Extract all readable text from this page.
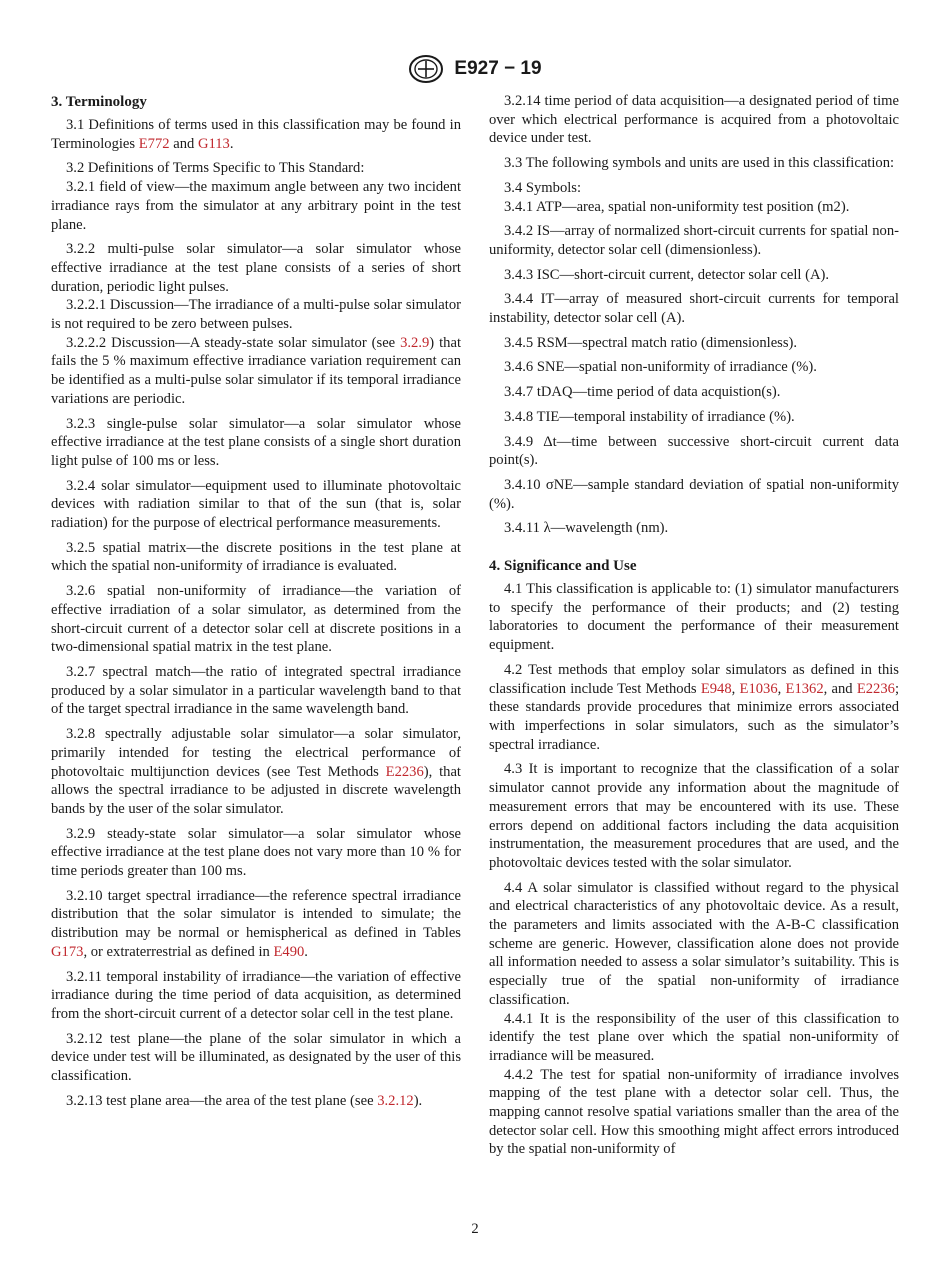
E927 − 19
3. Terminology

3.1 Definitions of terms used in this classification may be found in Terminologies E772 and G113.

3.2 Definitions of Terms Specific to This Standard:

3.2.1 field of view—the maximum angle between any two incident irradiance rays from the simulator at any arbitrary point in the test plane.

3.2.2 multi-pulse solar simulator—a solar simulator whose effective irradiance at the test plane consists of a series of short duration, periodic light pulses.

3.2.2.1 Discussion—The irradiance of a multi-pulse solar simulator is not required to be zero between pulses.

3.2.2.2 Discussion—A steady-state solar simulator (see 3.2.9) that fails the 5 % maximum effective irradiance variation requirement can be identified as a multi-pulse solar simulator if its temporal irradiance variations are periodic.

3.2.3 single-pulse solar simulator—a solar simulator whose effective irradiance at the test plane consists of a single short duration light pulse of 100 ms or less.

3.2.4 solar simulator—equipment used to illuminate photovoltaic devices with radiation similar to that of the sun (that is, solar radiation) for the purpose of electrical performance measurements.

3.2.5 spatial matrix—the discrete positions in the test plane at which the spatial non-uniformity of irradiance is evaluated.

3.2.6 spatial non-uniformity of irradiance—the variation of effective irradiation of a solar simulator, as determined from the short-circuit current of a detector solar cell at discrete positions in a two-dimensional spatial matrix in the test plane.

3.2.7 spectral match—the ratio of integrated spectral irradiance produced by a solar simulator in a particular wavelength band to that of the target spectral irradiance in the same wavelength band.

3.2.8 spectrally adjustable solar simulator—a solar simulator, primarily intended for testing the electrical performance of photovoltaic multijunction devices (see Test Methods E2236), that allows the spectral irradiance to be adjusted in discrete wavelength bands by the user of the solar simulator.

3.2.9 steady-state solar simulator—a solar simulator whose effective irradiance at the test plane does not vary more than 10 % for time periods greater than 100 ms.

3.2.10 target spectral irradiance—the reference spectral irradiance distribution that the solar simulator is intended to simulate; the distribution may be normal or hemispherical as defined in Tables G173, or extraterrestrial as defined in E490.

3.2.11 temporal instability of irradiance—the variation of effective irradiance during the time period of data acquisition, as determined from the short-circuit current of a detector solar cell in the test plane.

3.2.12 test plane—the plane of the solar simulator in which a device under test will be illuminated, as designated by the user of this classification.

3.2.13 test plane area—the area of the test plane (see 3.2.12).

3.2.14 time period of data acquisition—a designated period of time over which electrical performance is acquired from a photovoltaic device under test.

3.3 The following symbols and units are used in this classification:

3.4 Symbols:

3.4.1 ATP—area, spatial non-uniformity test position (m2).

3.4.2 IS—array of normalized short-circuit currents for spatial non-uniformity, detector solar cell (dimensionless).

3.4.3 ISC—short-circuit current, detector solar cell (A).

3.4.4 IT—array of measured short-circuit currents for temporal instability, detector solar cell (A).

3.4.5 RSM—spectral match ratio (dimensionless).

3.4.6 SNE—spatial non-uniformity of irradiance (%).

3.4.7 tDAQ—time period of data acquistion(s).

3.4.8 TIE—temporal instability of irradiance (%).

3.4.9 Δt—time between successive short-circuit current data point(s).

3.4.10 σNE—sample standard deviation of spatial non-uniformity (%).

3.4.11 λ—wavelength (nm).

4. Significance and Use

4.1 This classification is applicable to: (1) simulator manufacturers to specify the performance of their products; and (2) testing laboratories to document the performance of their measurement equipment.

4.2 Test methods that employ solar simulators as defined in this classification include Test Methods E948, E1036, E1362, and E2236; these standards provide procedures that minimize errors associated with imperfections in solar simulators, such as the simulator’s spectral irradiance.

4.3 It is important to recognize that the classification of a solar simulator cannot provide any information about the magnitude of measurement errors that may be encountered with its use. These errors depend on additional factors including the data acquisition instrumentation, the measurement procedures that are used, and the photovoltaic devices tested with the solar simulator.

4.4 A solar simulator is classified without regard to the physical and electrical characteristics of any photovoltaic device. As a result, the parameters and limits associated with the A-B-C classification scheme are generic. However, classification alone does not provide all information needed to assess a solar simulator’s suitability. This is especially true of the spatial non-uniformity of irradiance classification.

4.4.1 It is the responsibility of the user of this classification to identify the test plane over which the spatial non-uniformity of irradiance will be measured.

4.4.2 The test for spatial non-uniformity of irradiance involves mapping of the test plane with a detector solar cell. Thus, the mapping cannot resolve spatial variations smaller than the area of the detector solar cell. How this smoothing might affect errors introduced by the spatial non-uniformity of

2
